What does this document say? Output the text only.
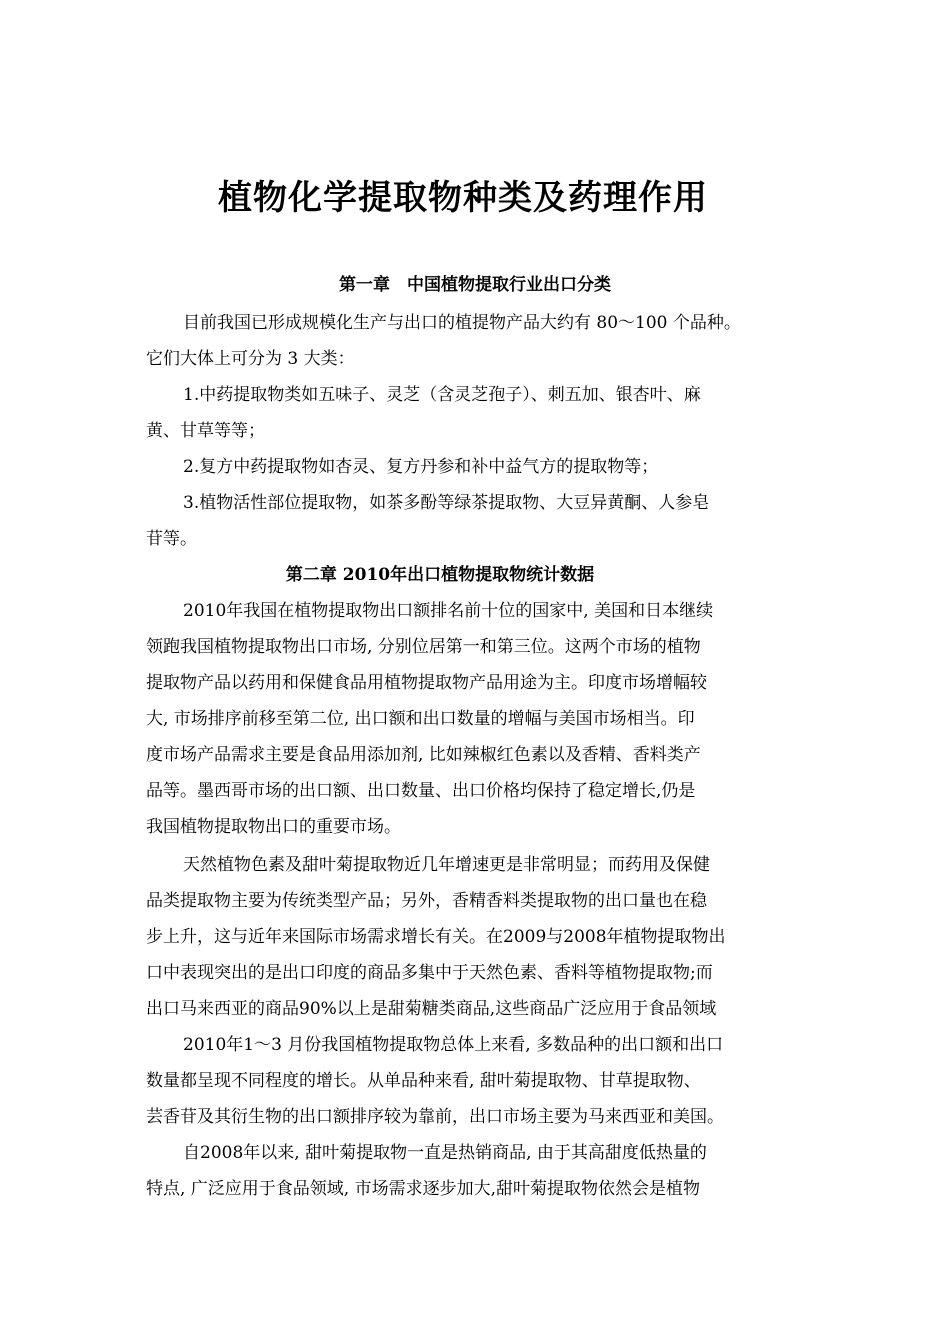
植物化学提取物种类及药理作用
第一章　中国植物提取行业出口分类
目前我国已形成规模化生产与出口的植提物产品大约有 80～100 个品种。
它们大体上可分为 3 大类：
1.中药提取物类如五味子、灵芝（含灵芝孢子）、刺五加、银杏叶、麻
黄、甘草等等；
2.复方中药提取物如杏灵、复方丹参和补中益气方的提取物等；
3.植物活性部位提取物，如茶多酚等绿茶提取物、大豆异黄酮、人参皂
苷等。
第二章 2010年出口植物提取物统计数据
2010年我国在植物提取物出口额排名前十位的国家中, 美国和日本继续
领跑我国植物提取物出口市场, 分别位居第一和第三位。这两个市场的植物
提取物产品以药用和保健食品用植物提取物产品用途为主。印度市场增幅较
大, 市场排序前移至第二位, 出口额和出口数量的增幅与美国市场相当。印
度市场产品需求主要是食品用添加剂, 比如辣椒红色素以及香精、香料类产
品等。墨西哥市场的出口额、出口数量、出口价格均保持了稳定增长,仍是
我国植物提取物出口的重要市场。
天然植物色素及甜叶菊提取物近几年增速更是非常明显；而药用及保健
品类提取物主要为传统类型产品；另外，香精香料类提取物的出口量也在稳
步上升，这与近年来国际市场需求增长有关。在2009与2008年植物提取物出
口中表现突出的是出口印度的商品多集中于天然色素、香料等植物提取物;而
出口马来西亚的商品90%以上是甜菊糖类商品,这些商品广泛应用于食品领域
2010年1～3 月份我国植物提取物总体上来看, 多数品种的出口额和出口
数量都呈现不同程度的增长。从单品种来看, 甜叶菊提取物、甘草提取物、
芸香苷及其衍生物的出口额排序较为靠前，出口市场主要为马来西亚和美国。
自2008年以来, 甜叶菊提取物一直是热销商品, 由于其高甜度低热量的
特点, 广泛应用于食品领域, 市场需求逐步加大,甜叶菊提取物依然会是植物
